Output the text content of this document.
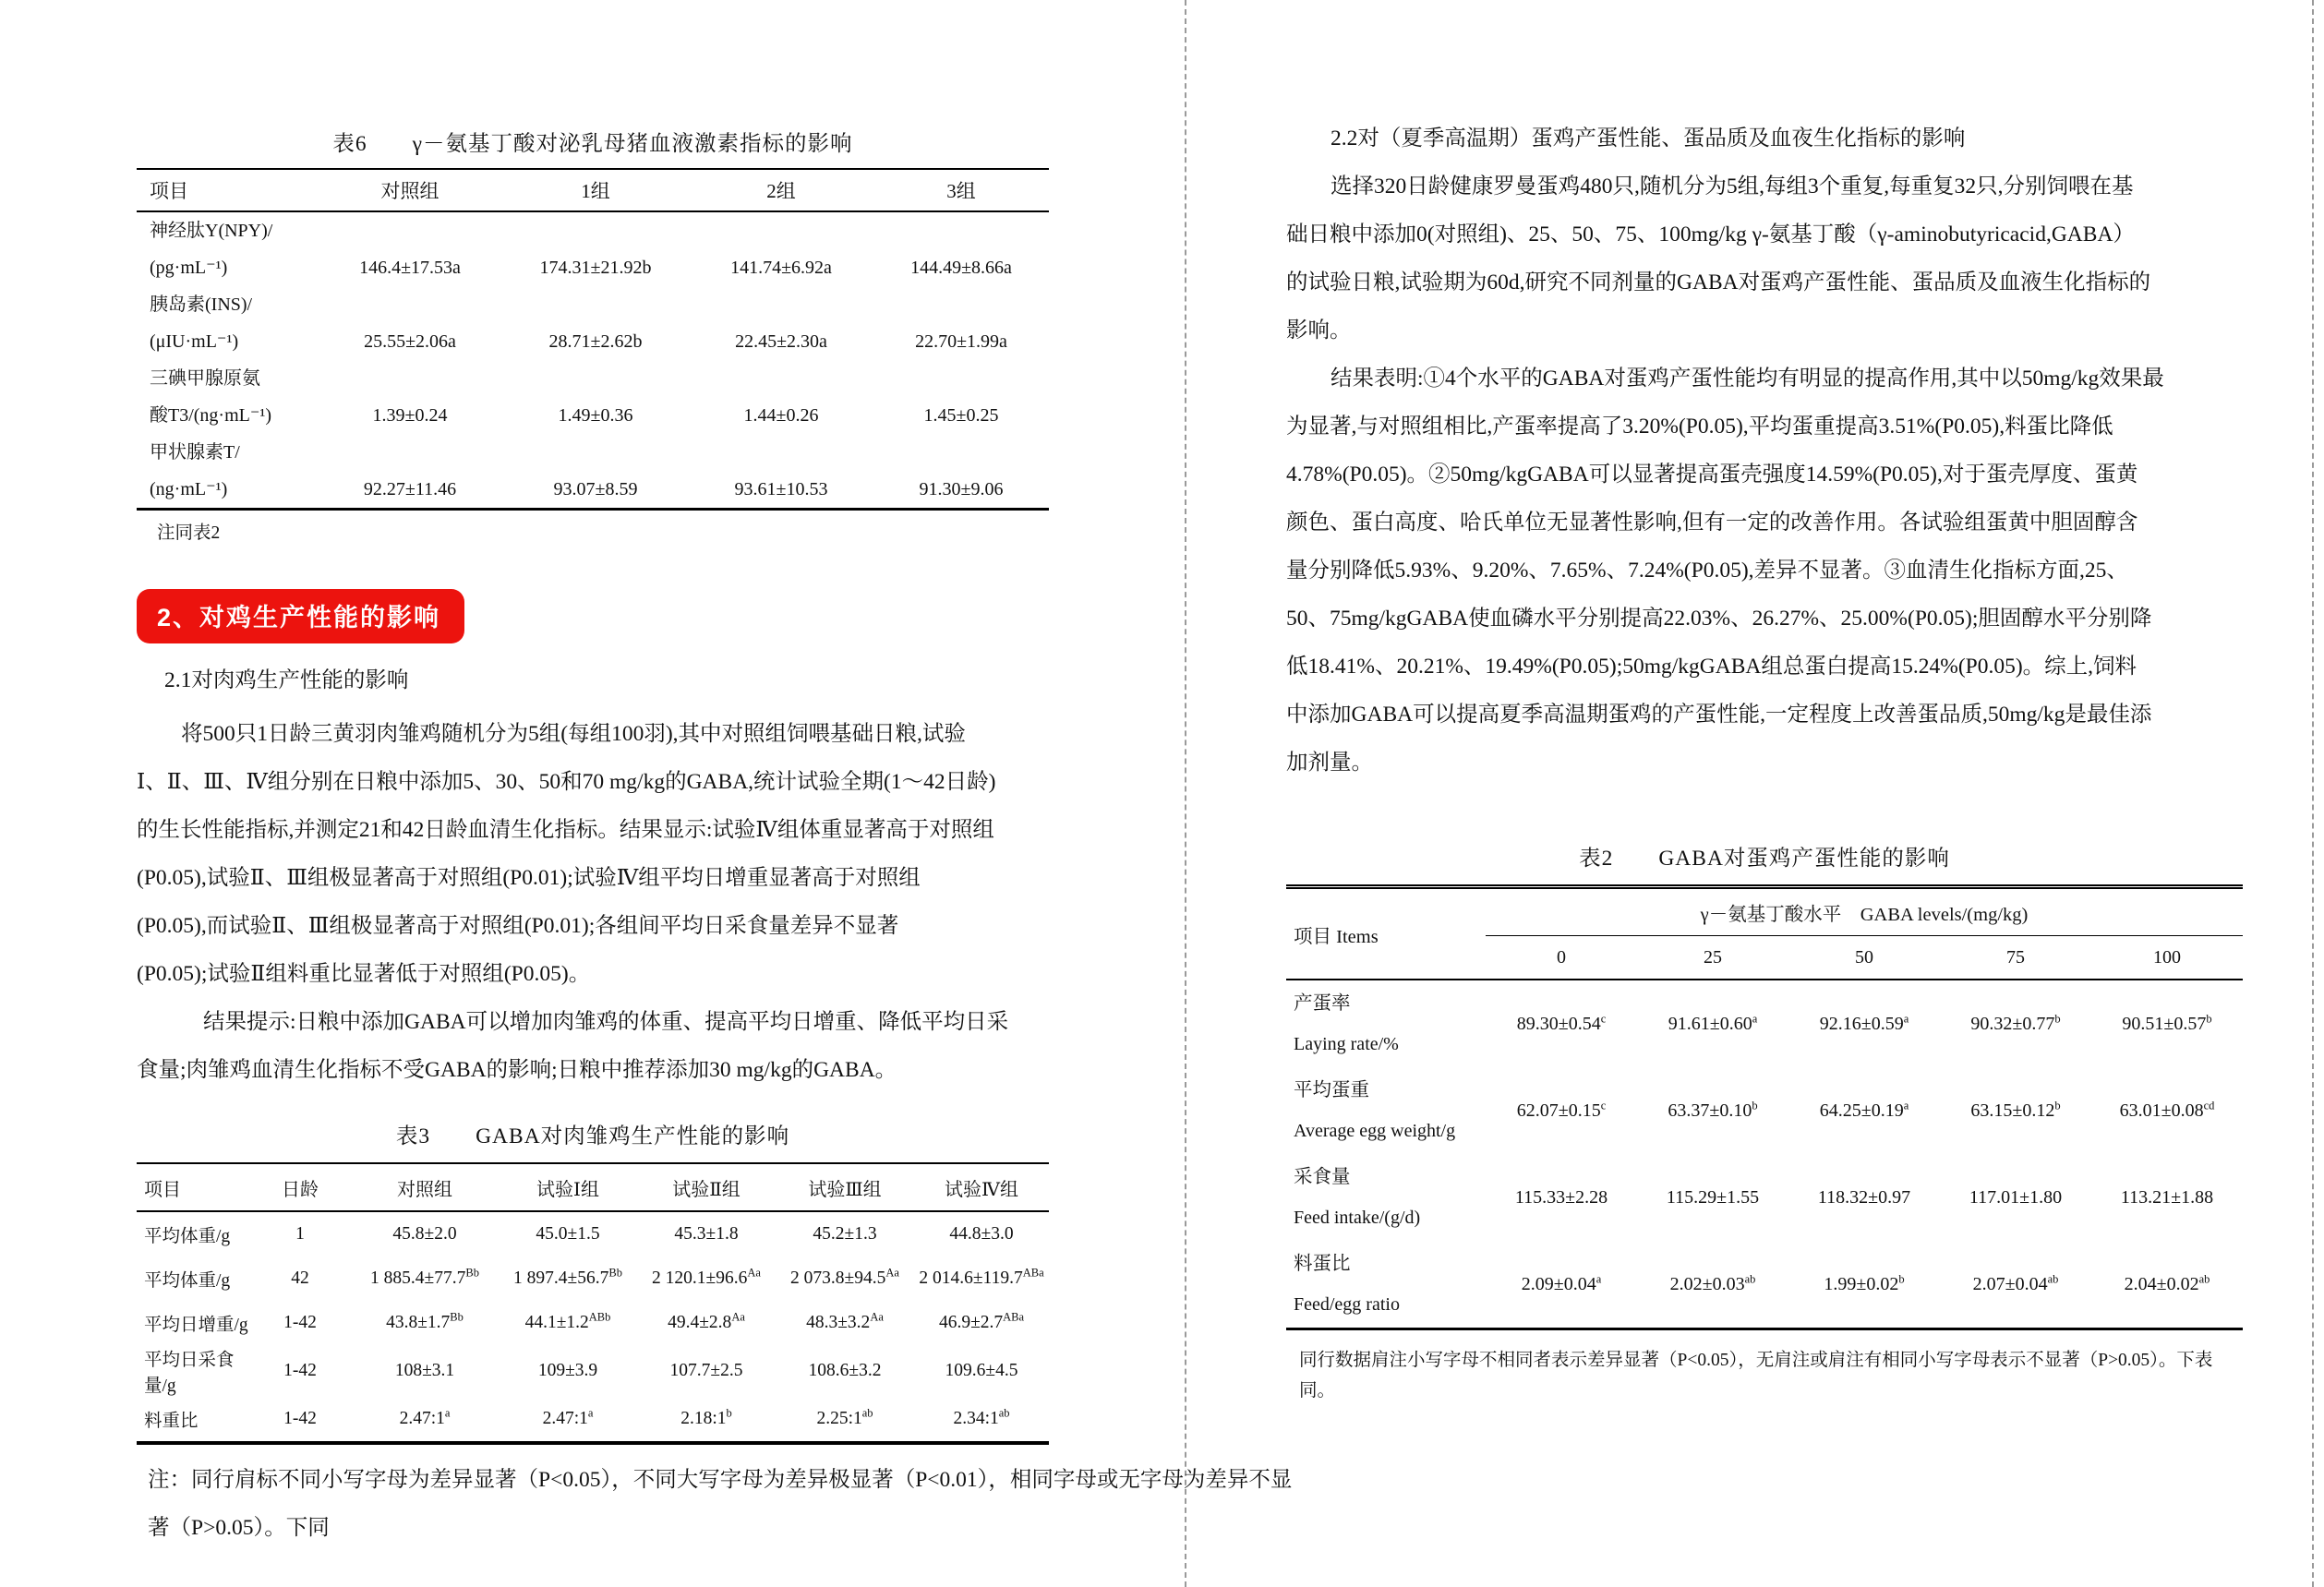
表6　　γ－氨基丁酸对泌乳母猪血液激素指标的影响
项目	对照组	1组	2组	3组

神经肽Y(NPY)/
(pg·mL⁻¹)	146.4±17.53a	174.31±21.92b	141.74±6.92a	144.49±8.66a

胰岛素(INS)/
(μIU·mL⁻¹)	25.55±2.06a	28.71±2.62b	22.45±2.30a	22.70±1.99a

三碘甲腺原氨
酸T3/(ng·mL⁻¹)	1.39±0.24	1.49±0.36	1.44±0.26	1.45±0.25

甲状腺素T/
(ng·mL⁻¹)	92.27±11.46	93.07±8.59	93.61±10.53	91.30±9.06
注同表2
2、对鸡生产性能的影响
2.1对肉鸡生产性能的影响
将500只1日龄三黄羽肉雏鸡随机分为5组(每组100羽),其中对照组饲喂基础日粮,试验
Ⅰ、Ⅱ、Ⅲ、Ⅳ组分别在日粮中添加5、30、50和70 mg/kg的GABA,统计试验全期(1～42日龄)
的生长性能指标,并测定21和42日龄血清生化指标。结果显示:试验Ⅳ组体重显著高于对照组
(P0.05),试验Ⅱ、Ⅲ组极显著高于对照组(P0.01);试验Ⅳ组平均日增重显著高于对照组
(P0.05),而试验Ⅱ、Ⅲ组极显著高于对照组(P0.01);各组间平均日采食量差异不显著
(P0.05);试验Ⅱ组料重比显著低于对照组(P0.05)。
结果提示:日粮中添加GABA可以增加肉雏鸡的体重、提高平均日增重、降低平均日采
食量;肉雏鸡血清生化指标不受GABA的影响;日粮中推荐添加30 mg/kg的GABA。
表3　　GABA对肉雏鸡生产性能的影响
项目	日龄	对照组	试验Ⅰ组	试验Ⅱ组	试验Ⅲ组	试验Ⅳ组
平均体重/g	1	45.8±2.0	45.0±1.5	45.3±1.8	45.2±1.3	44.8±3.0
平均体重/g	42	1 $885.4\pm 77.7^{Bb}$	1 $897.4\pm 56.7^{Bb}$	2 $120.1\pm 96.6^{Aa}$	2 $073.8\pm 94.5^{Aa}$	2 $014.6\pm 119.7^{ABa}$
平均日增重/g	1-42	$43.8\pm 1.7^{Bb}$	$44.1\pm 1.2^{ABb}$	$49.4\pm 2.8^{Aa}$	$48.3\pm 3.2^{Aa}$	$46.9\pm 2.7^{ABa}$
平均日采食量/g	1-42	108±3.1	109±3.9	107.7±2.5	108.6±3.2	109.6±4.5
料重比	1-42	2.47:1$^a$	2.47:1$^a$	2.18:1$^b$	$2.25:1^{ab}$	$2.34:1^{ab}$
注：同行肩标不同小写字母为差异显著（P<0.05），不同大写字母为差异极显著（P<0.01），相同字母或无字母为差异不显
著（P>0.05）。下同
2.2对（夏季高温期）蛋鸡产蛋性能、蛋品质及血夜生化指标的影响
选择320日龄健康罗曼蛋鸡480只,随机分为5组,每组3个重复,每重复32只,分别饲喂在基
础日粮中添加0(对照组)、25、50、75、100mg/kg γ-氨基丁酸（γ-aminobutyricacid,GABA）
的试验日粮,试验期为60d,研究不同剂量的GABA对蛋鸡产蛋性能、蛋品质及血液生化指标的
影响。
结果表明:①4个水平的GABA对蛋鸡产蛋性能均有明显的提高作用,其中以50mg/kg效果最
为显著,与对照组相比,产蛋率提高了3.20%(P0.05),平均蛋重提高3.51%(P0.05),料蛋比降低
4.78%(P0.05)。②50mg/kgGABA可以显著提高蛋壳强度14.59%(P0.05),对于蛋壳厚度、蛋黄
颜色、蛋白高度、哈氏单位无显著性影响,但有一定的改善作用。各试验组蛋黄中胆固醇含
量分别降低5.93%、9.20%、7.65%、7.24%(P0.05),差异不显著。③血清生化指标方面,25、
50、75mg/kgGABA使血磷水平分别提高22.03%、26.27%、25.00%(P0.05);胆固醇水平分别降
低18.41%、20.21%、19.49%(P0.05);50mg/kgGABA组总蛋白提高15.24%(P0.05)。综上,饲料
中添加GABA可以提高夏季高温期蛋鸡的产蛋性能,一定程度上改善蛋品质,50mg/kg是最佳添
加剂量。
表2　　GABA对蛋鸡产蛋性能的影响
项目 Items	γ－氨基丁酸水平　GABA levels/(mg/kg)				
	0	25	50	75	100

产蛋率
Laying rate/%	89.30±0.54$^c$	91.61±0.60$^a$	92.16±0.59$^a$	90.32±0.77$^b$	90.51±0.57$^b$

平均蛋重
Average egg weight/g	62.07±0.15$^c$	63.37±0.10$^b$	64.25±0.19$^a$	63.15±0.12$^b$	63.01±0.08$^{cd}$

采食量
Feed intake/(g/d)	115.33±2.28	115.29±1.55	118.32±0.97	117.01±1.80	113.21±1.88

料蛋比
Feed/egg ratio	2.09±0.04$^a$	2.02±0.03$^{ab}$	1.99±0.02$^b$	2.07±0.04$^{ab}$	2.04±0.02$^{ab}$
同行数据肩注小写字母不相同者表示差异显著（P<0.05），无肩注或肩注有相同小写字母表示不显著（P>0.05）。下表同。
